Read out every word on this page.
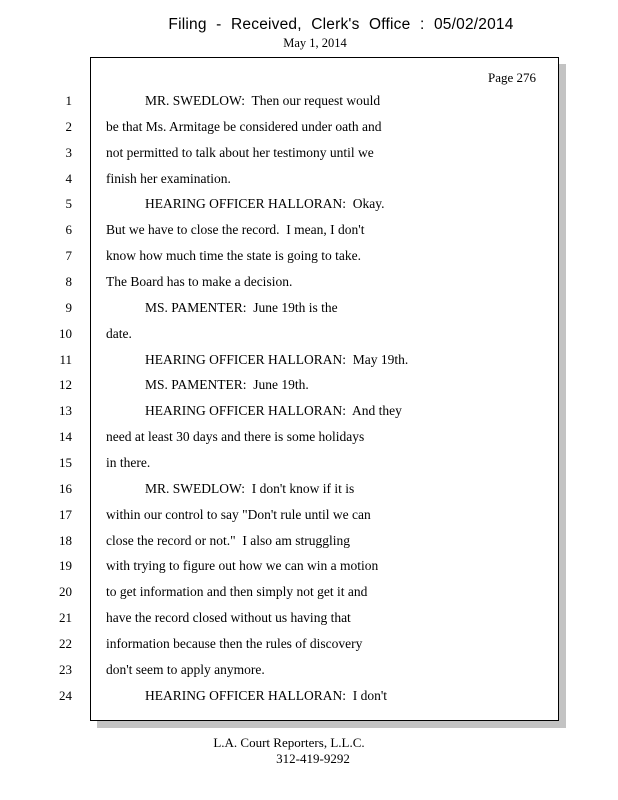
Filing - Received, Clerk's Office : 05/02/2014
May 1, 2014
Page 276
1	MR. SWEDLOW:  Then our request would
2	be that Ms. Armitage be considered under oath and
3	not permitted to talk about her testimony until we
4	finish her examination.
5	HEARING OFFICER HALLORAN:  Okay.
6	But we have to close the record.  I mean, I don't
7	know how much time the state is going to take.
8	The Board has to make a decision.
9	MS. PAMENTER:  June 19th is the
10	date.
11	HEARING OFFICER HALLORAN:  May 19th.
12	MS. PAMENTER:  June 19th.
13	HEARING OFFICER HALLORAN:  And they
14	need at least 30 days and there is some holidays
15	in there.
16	MR. SWEDLOW:  I don't know if it is
17	within our control to say "Don't rule until we can
18	close the record or not."  I also am struggling
19	with trying to figure out how we can win a motion
20	to get information and then simply not get it and
21	have the record closed without us having that
22	information because then the rules of discovery
23	don't seem to apply anymore.
24	HEARING OFFICER HALLORAN:  I don't
L.A. Court Reporters, L.L.C.
312-419-9292
